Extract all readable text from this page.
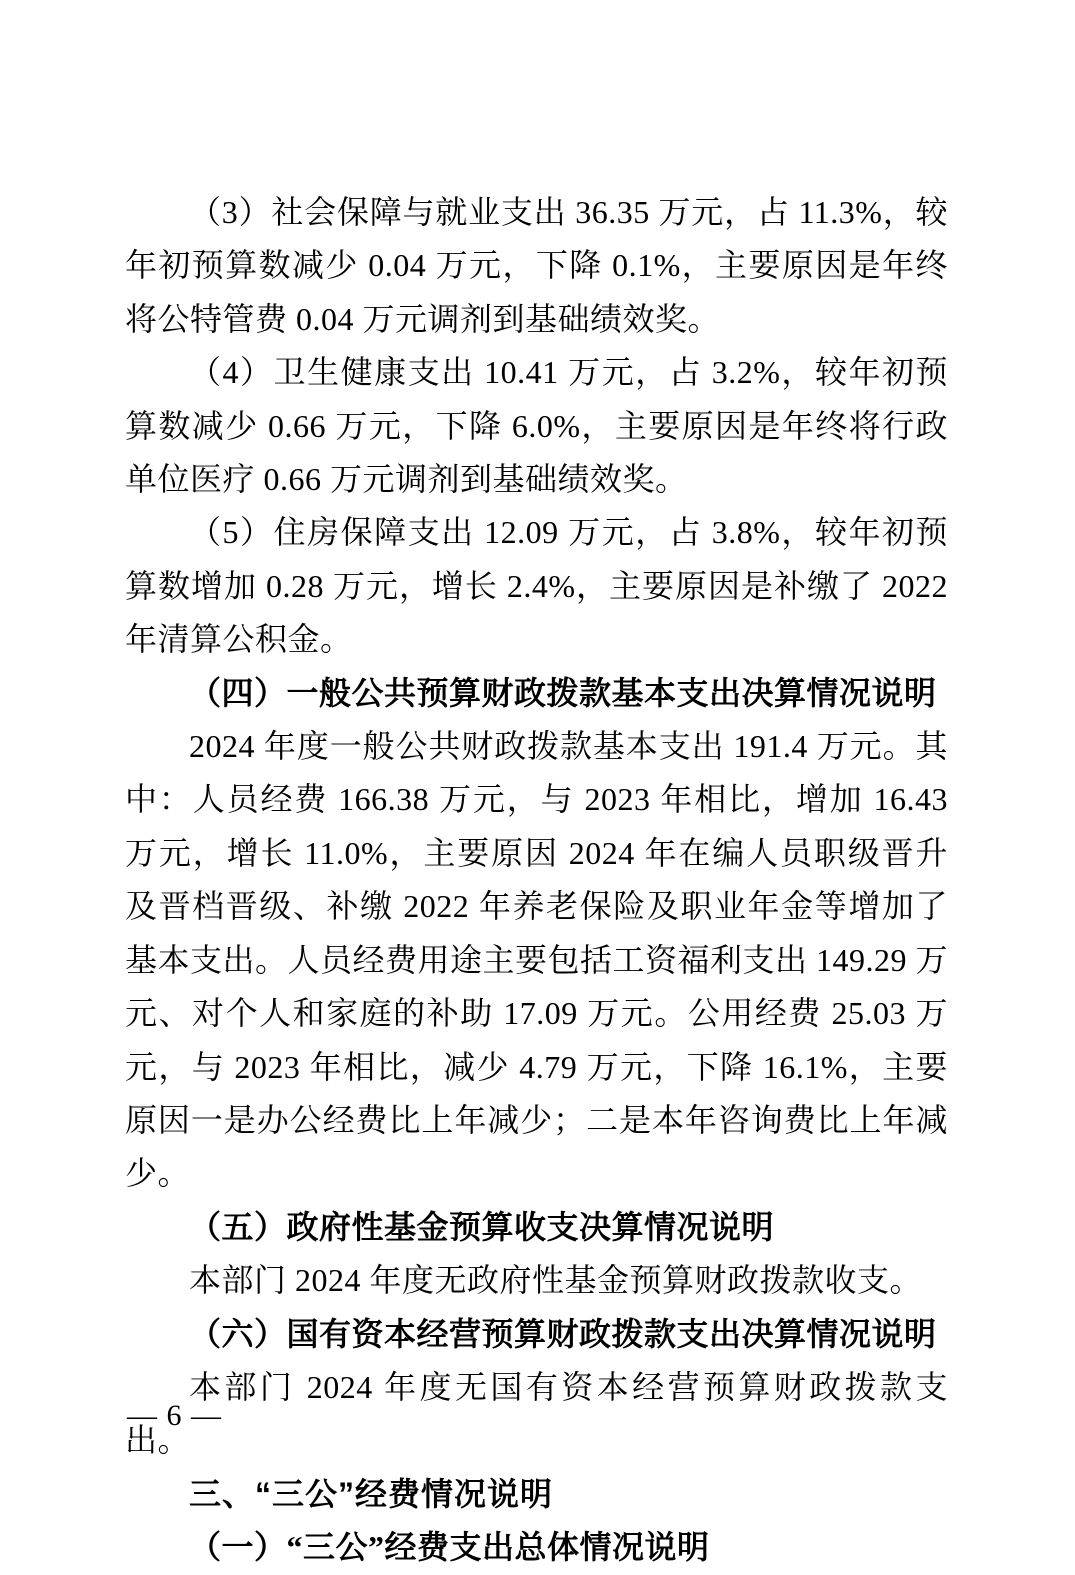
（3）社会保障与就业支出 36.35 万元，占 11.3%，较年初预算数减少 0.04 万元，下降 0.1%，主要原因是年终将公特管费 0.04 万元调剂到基础绩效奖。

（4）卫生健康支出 10.41 万元，占 3.2%，较年初预算数减少 0.66 万元，下降 6.0%，主要原因是年终将行政单位医疗 0.66 万元调剂到基础绩效奖。

（5）住房保障支出 12.09 万元，占 3.8%，较年初预算数增加 0.28 万元，增长 2.4%，主要原因是补缴了 2022 年清算公积金。

（四）一般公共预算财政拨款基本支出决算情况说明

2024 年度一般公共财政拨款基本支出 191.4 万元。其中：人员经费 166.38 万元，与 2023 年相比，增加 16.43 万元，增长 11.0%，主要原因 2024 年在编人员职级晋升及晋档晋级、补缴 2022 年养老保险及职业年金等增加了基本支出。人员经费用途主要包括工资福利支出 149.29 万元、对个人和家庭的补助 17.09 万元。公用经费 25.03 万元，与 2023 年相比，减少 4.79 万元，下降 16.1%，主要原因一是办公经费比上年减少；二是本年咨询费比上年减少。

（五）政府性基金预算收支决算情况说明

本部门 2024 年度无政府性基金预算财政拨款收支。

（六）国有资本经营预算财政拨款支出决算情况说明

本部门 2024 年度无国有资本经营预算财政拨款支出。

三、“三公”经费情况说明

（一）“三公”经费支出总体情况说明

— 6 —
